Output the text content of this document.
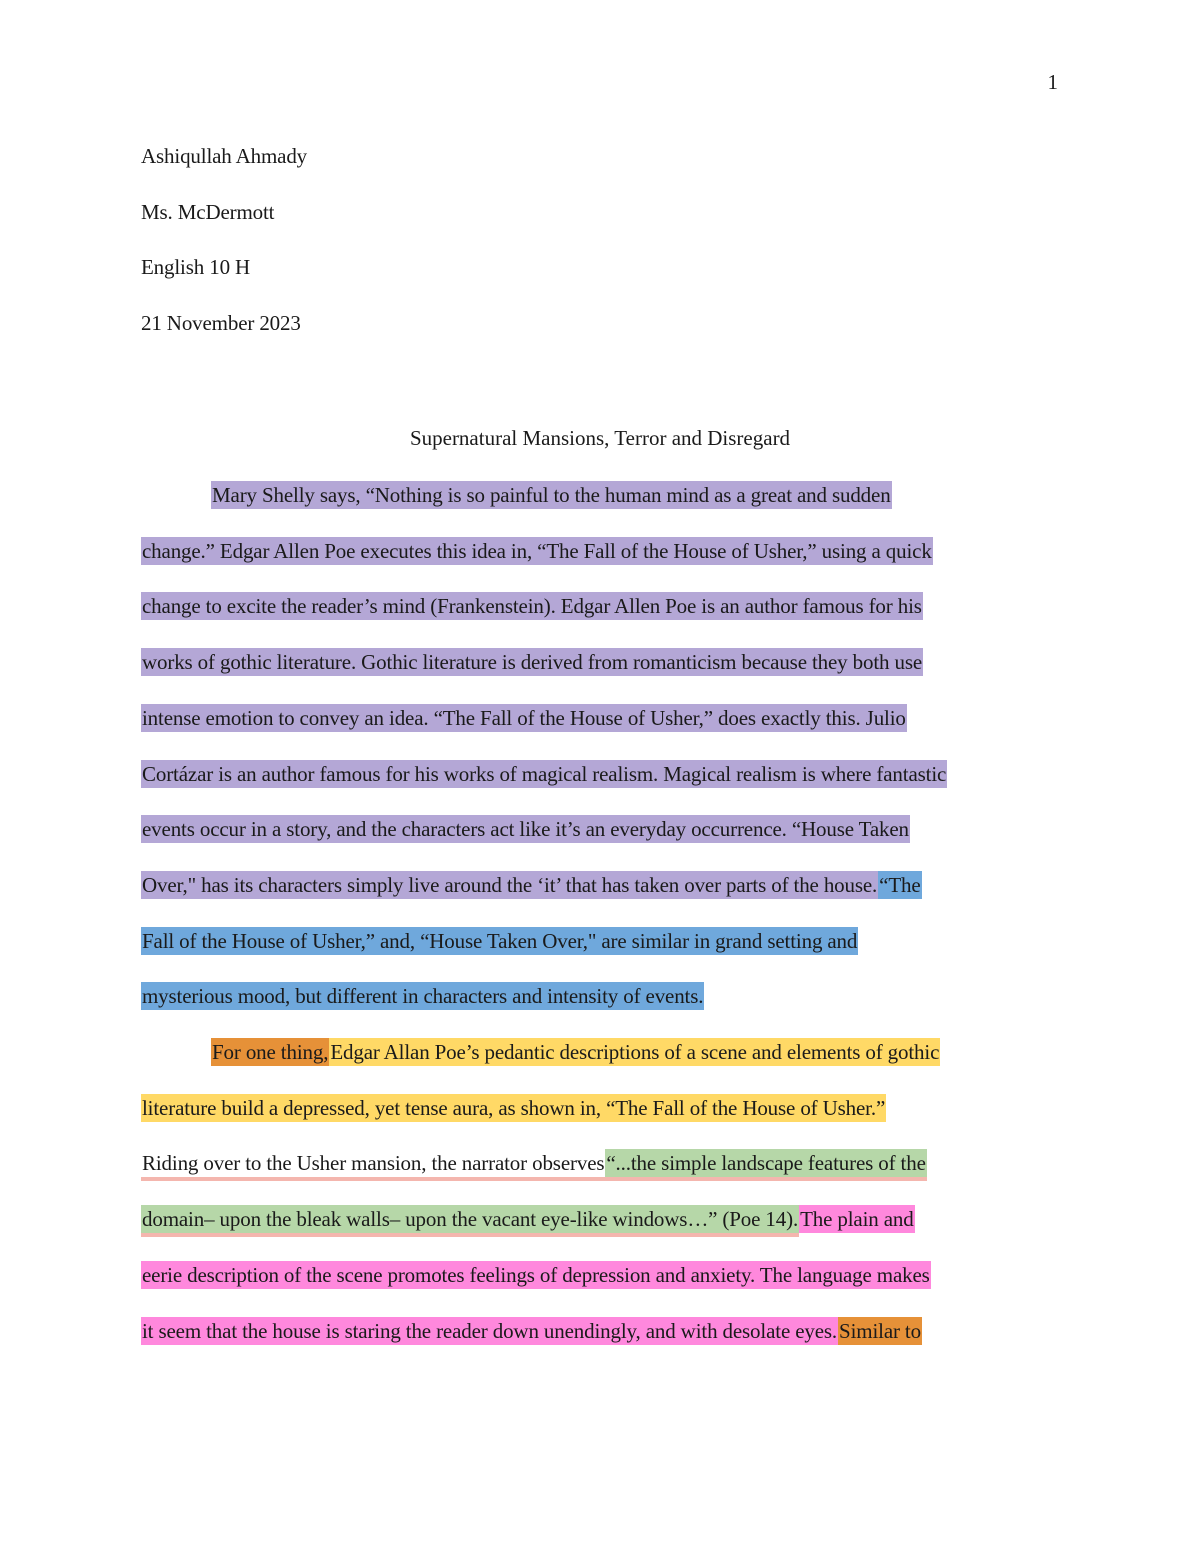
1

Ashiqullah Ahmady

Ms. McDermott

English 10 H

21 November 2023

Supernatural Mansions, Terror and Disregard

Mary Shelly says, “Nothing is so painful to the human mind as a great and sudden

change.” Edgar Allen Poe executes this idea in, “The Fall of the House of Usher,” using a quick

change to excite the reader’s mind (Frankenstein). Edgar Allen Poe is an author famous for his

works of gothic literature. Gothic literature is derived from romanticism because they both use

intense emotion to convey an idea. “The Fall of the House of Usher,” does exactly this. Julio

Cortázar is an author famous for his works of magical realism. Magical realism is where fantastic

events occur in a story, and the characters act like it’s an everyday occurrence. “House Taken

Over," has its characters simply live around the ‘it’ that has taken over parts of the house.“The

Fall of the House of Usher,” and, “House Taken Over," are similar in grand setting and

mysterious mood, but different in characters and intensity of events.

For one thing,Edgar Allan Poe’s pedantic descriptions of a scene and elements of gothic

literature build a depressed, yet tense aura, as shown in, “The Fall of the House of Usher.”

Riding over to the Usher mansion, the narrator observes“...the simple landscape features of the

domain– upon the bleak walls– upon the vacant eye-like windows…” (Poe 14).The plain and

eerie description of the scene promotes feelings of depression and anxiety. The language makes

it seem that the house is staring the reader down unendingly, and with desolate eyes.Similar to
